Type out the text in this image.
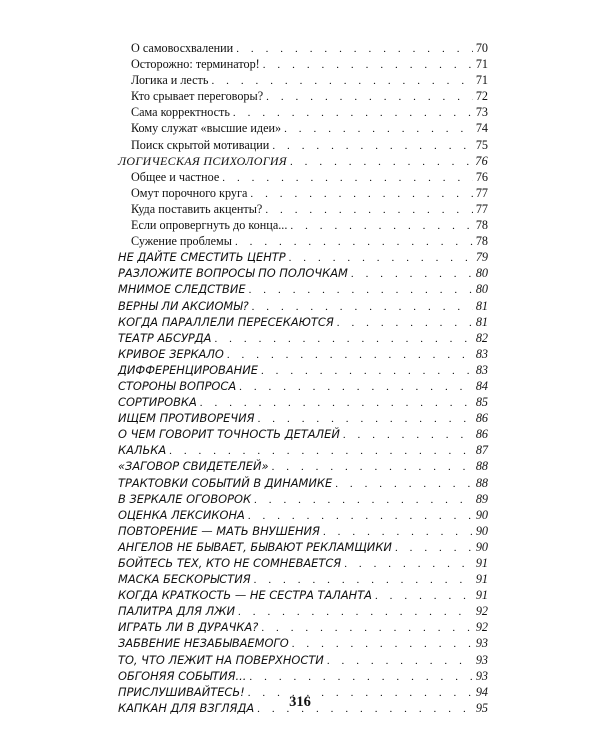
О самовосхвалении . . .	70
Осторожно: терминатор! . . .	71
Логика и лесть . . .	71
Кто срывает переговоры? . . .	72
Сама корректность . . .	73
Кому служат «высшие идеи» . . .	74
Поиск скрытой мотивации . . .	75
ЛОГИЧЕСКАЯ ПСИХОЛОГИЯ . . .	76
Общее и частное . . .	76
Омут порочного круга . . .	77
Куда поставить акценты? . . .	77
Если опровергнуть до конца... . . .	78
Сужение проблемы . . .	78
НЕ ДАЙТЕ СМЕСТИТЬ ЦЕНТР . . .	79
РАЗЛОЖИТЕ ВОПРОСЫ ПО ПОЛОЧКАМ . . .	80
МНИМОЕ СЛЕДСТВИЕ . . .	80
ВЕРНЫ ЛИ АКСИОМЫ? . . .	81
КОГДА ПАРАЛЛЕЛИ ПЕРЕСЕКАЮТСЯ . . .	81
ТЕАТР АБСУРДА . . .	82
КРИВОЕ ЗЕРКАЛО . . .	83
ДИФФЕРЕНЦИРОВАНИЕ . . .	83
СТОРОНЫ ВОПРОСА . . .	84
СОРТИРОВКА . . .	85
ИЩЕМ ПРОТИВОРЕЧИЯ . . .	86
О ЧЕМ ГОВОРИТ ТОЧНОСТЬ ДЕТАЛЕЙ . . .	86
КАЛЬКА . . .	87
«ЗАГОВОР СВИДЕТЕЛЕЙ» . . .	88
ТРАКТОВКИ СОБЫТИЙ В ДИНАМИКЕ . . .	88
В ЗЕРКАЛЕ ОГОВОРОК . . .	89
ОЦЕНКА ЛЕКСИКОНА . . .	90
ПОВТОРЕНИЕ — МАТЬ ВНУШЕНИЯ . . .	90
АНГЕЛОВ НЕ БЫВАЕТ, БЫВАЮТ РЕКЛАМЩИКИ . . .	90
БОЙТЕСЬ ТЕХ, КТО НЕ СОМНЕВАЕТСЯ . . .	91
МАСКА БЕСКОРЫСТИЯ . . .	91
КОГДА КРАТКОСТЬ — НЕ СЕСТРА ТАЛАНТА . . .	91
ПАЛИТРА ДЛЯ ЛЖИ . . .	92
ИГРАТЬ ЛИ В ДУРАЧКА? . . .	92
ЗАБВЕНИЕ НЕЗАБЫВАЕМОГО . . .	93
ТО, ЧТО ЛЕЖИТ НА ПОВЕРХНОСТИ . . .	93
ОБГОНЯЯ СОБЫТИЯ... . . .	93
ПРИСЛУШИВАЙТЕСЬ! . . .	94
КАПКАН ДЛЯ ВЗГЛЯДА . . .	95
316
